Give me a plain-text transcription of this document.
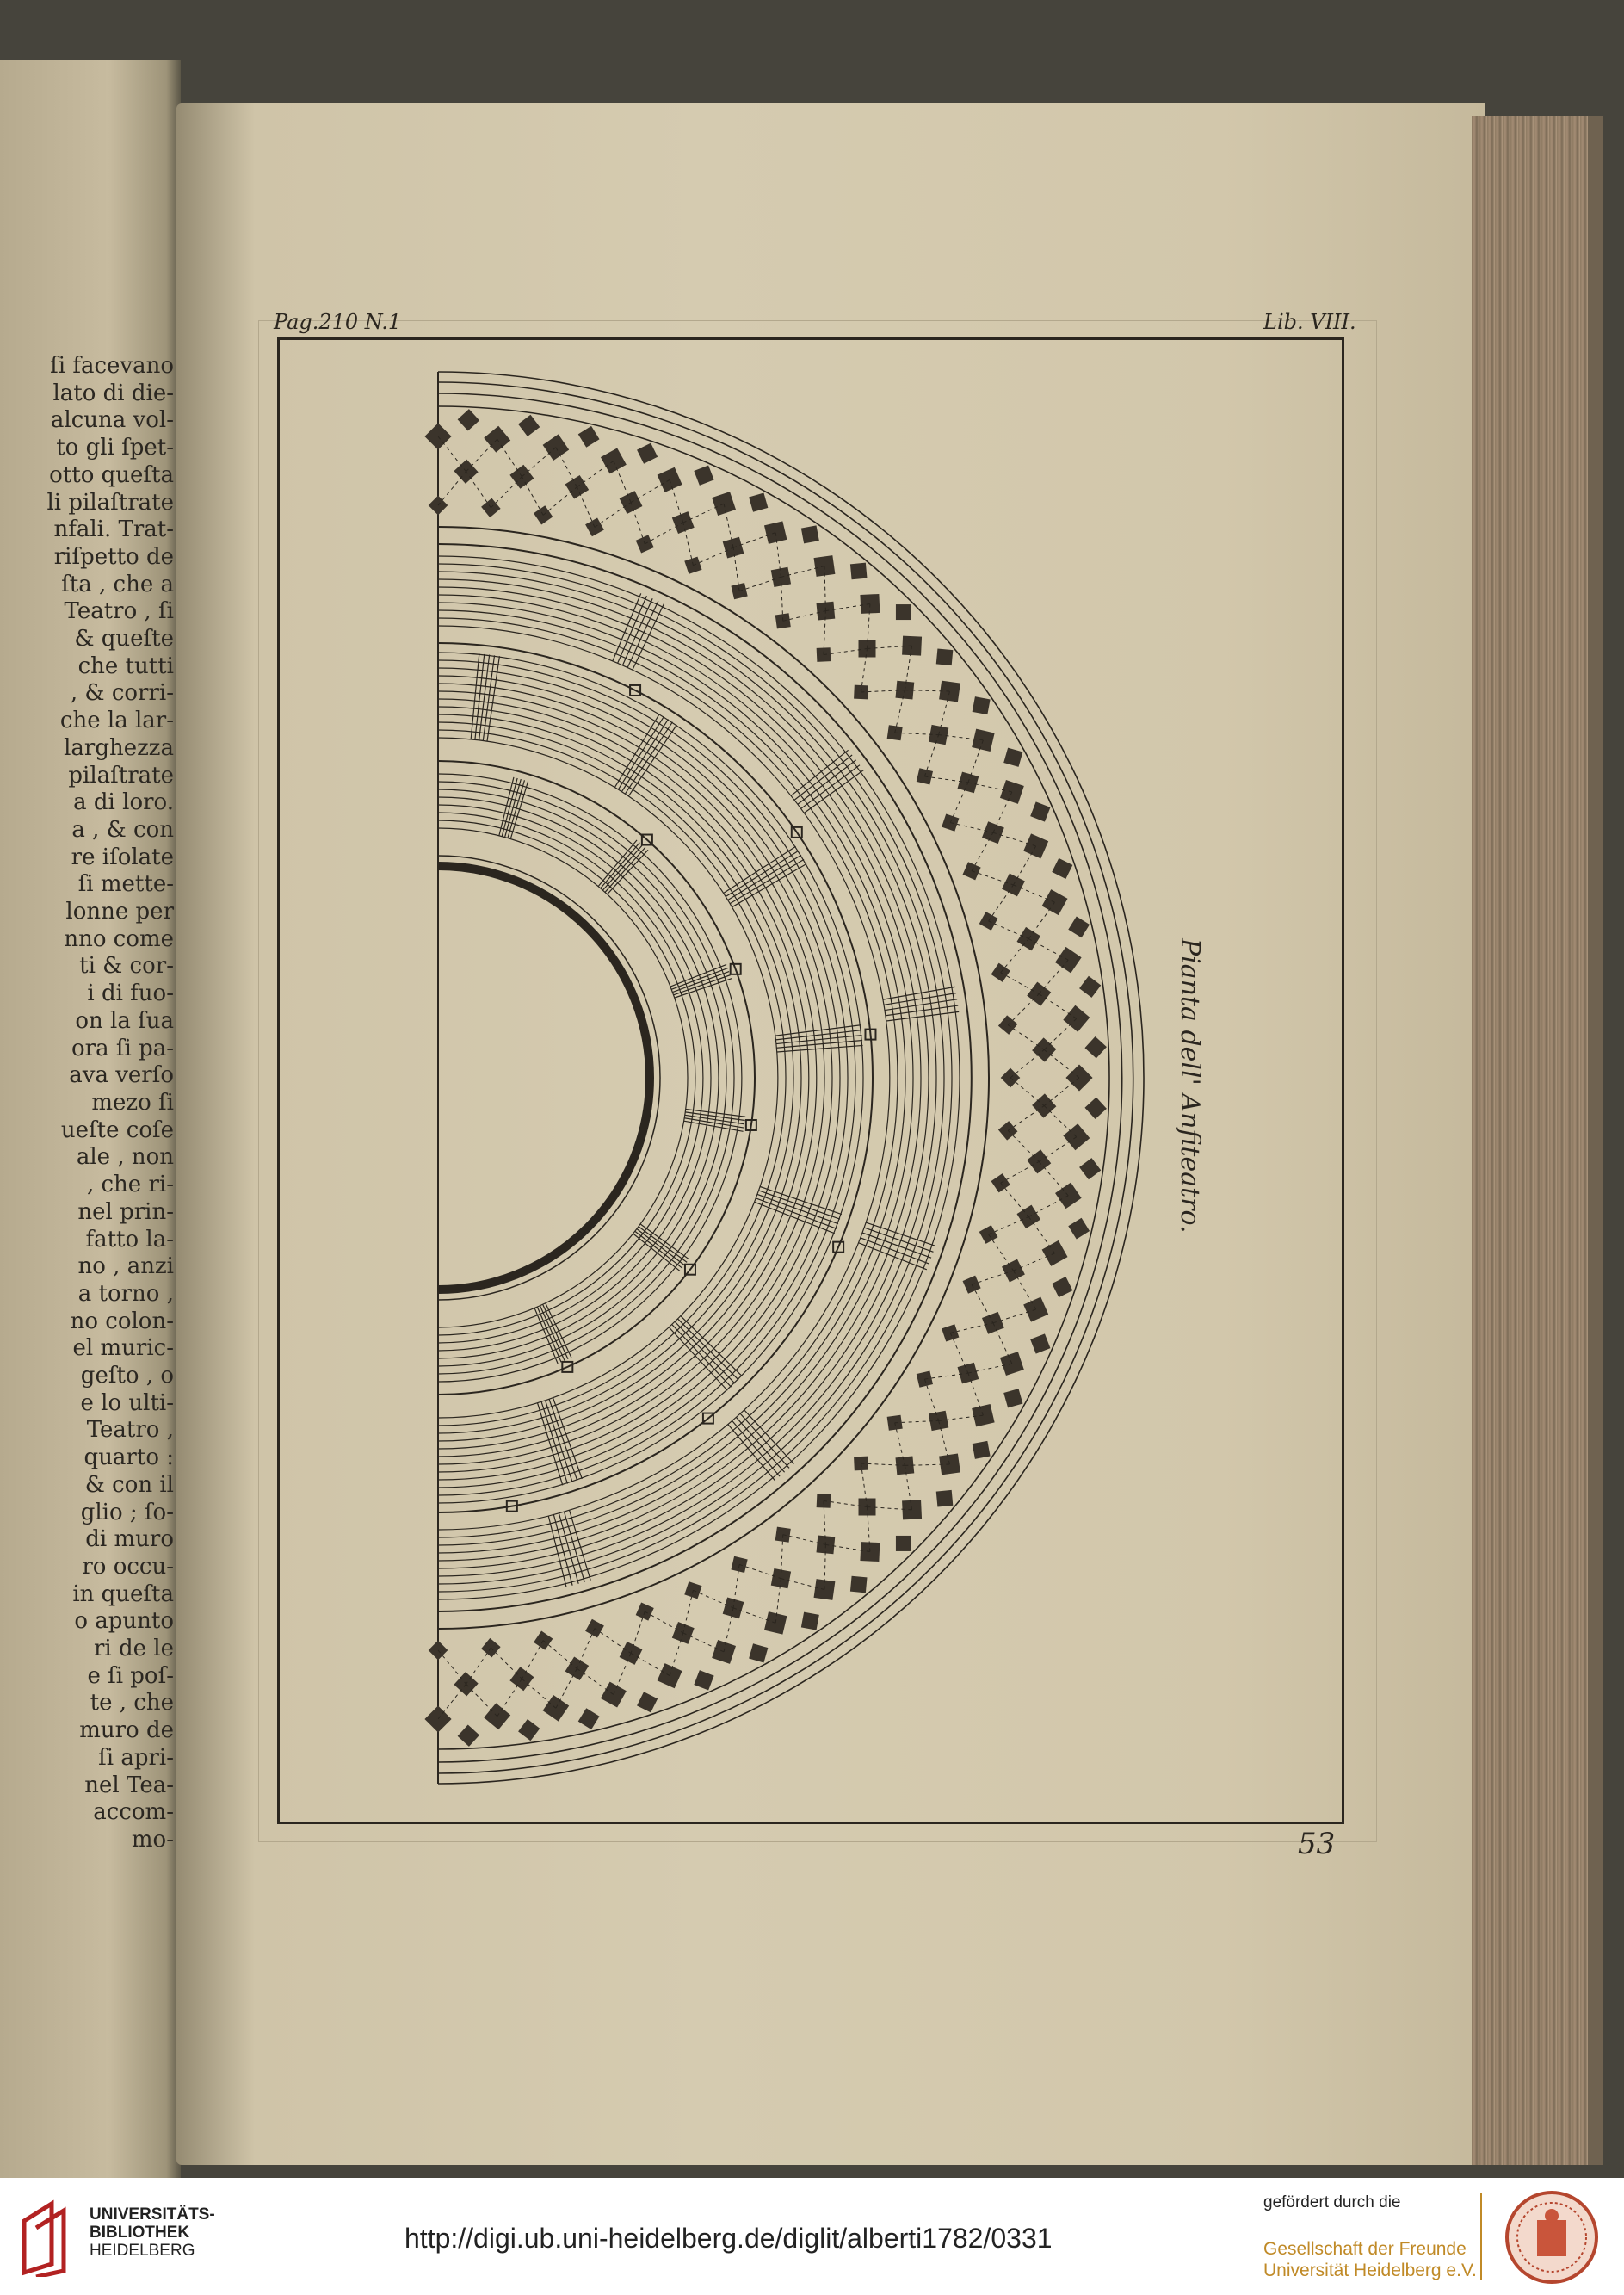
ſi facevano
lato di die-
alcuna vol-
to gli ſpet-
otto queſta
li pilaſtrate
nfali. Trat-
riſpetto de
ſta , che a
Teatro , ſi
& queſte
che tutti
, & corri-
che la lar-
larghezza
pilaſtrate
a di loro.
a , & con
re iſolate
ſi mette-
lonne per
nno come
ti & cor-
i di fuo-
on la ſua
ora ſi pa-
ava verſo
mezo ſi
ueſte coſe
ale , non
, che ri-
nel prin-
fatto la-
no , anzi
a torno ,
no colon-
el muric-
geſto , o
e lo ulti-
Teatro ,
quarto :
& con il
glio ; ſo-
di muro
ro occu-
in queſta
o apunto
ri de le
e ſi poſ-
te , che
muro de
ſi apri-
nel Tea-
accom-
mo-
Pag.210 N.1	Lib. VIII.
53
Pianta dell' Anfiteatro.
UNIVERSITÄTS-
BIBLIOTHEK
HEIDELBERG	http://digi.ub.uni-heidelberg.de/diglit/alberti1782/0331
gefördert durch die
Gesellschaft der Freunde
Universität Heidelberg e.V.
